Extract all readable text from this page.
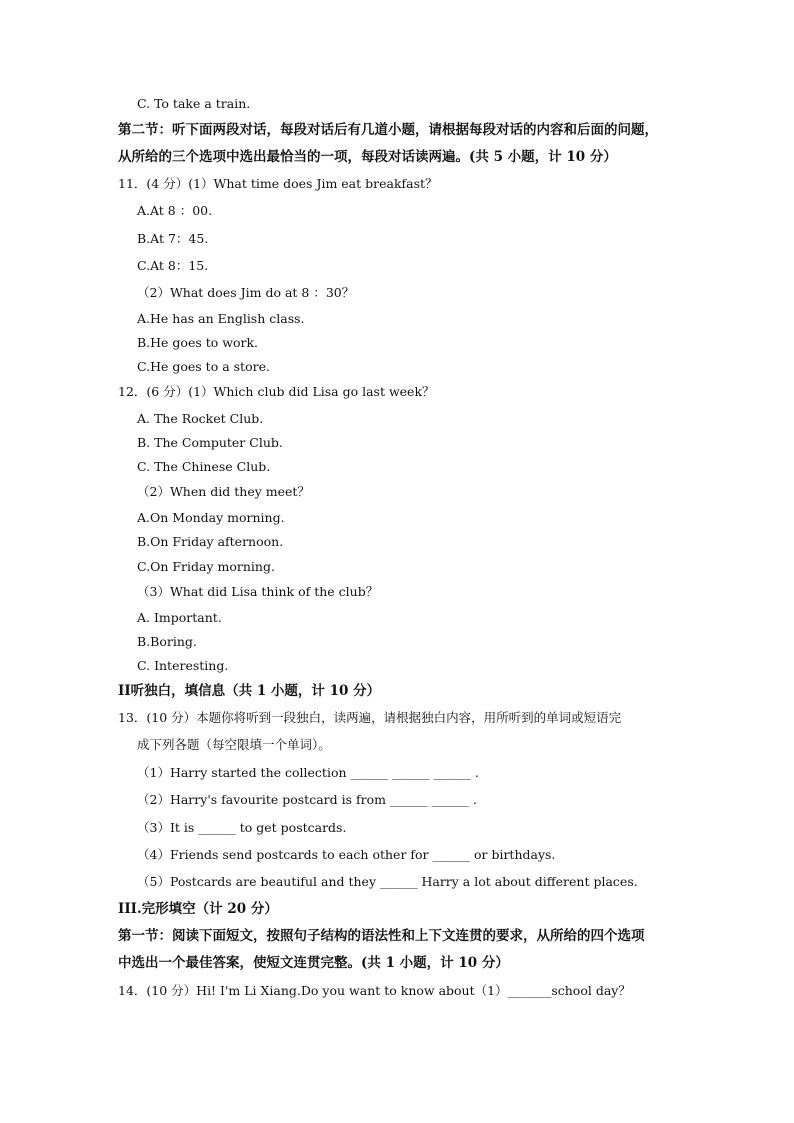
C. To take a train.
第二节：听下面两段对话，每段对话后有几道小题，请根据每段对话的内容和后面的问题，
从所给的三个选项中选出最恰当的一项，每段对话读两遍。(共 5 小题，计 10 分）
11．(4 分）(1）What time does Jim eat breakfast？
A.At 8 ：00.
B.At 7：45.
C.At 8：15.
（2）What does Jim do at 8 ：30？
A.He has an English class.
B.He goes to work.
C.He goes to a store.
12．(6 分）(1）Which club did Lisa go last week？
A. The Rocket Club.
B. The Computer Club.
C. The Chinese Club.
（2）When did they meet？
A.On Monday morning.
B.On Friday afternoon.
C.On Friday morning.
（3）What did Lisa think of the club？
A. Important.
B.Boring.
C. Interesting.
II听独白，填信息（共 1 小题，计 10 分）
13．(10 分）本题你将听到一段独白，读两遍，请根据独白内容，用所听到的单词或短语完
成下列各题（每空限填一个单词）。
（1）Harry started the collection ______ ______ ______ .
（2）Harry's favourite postcard is from ______ ______ .
（3）It is ______ to get postcards.
（4）Friends send postcards to each other for ______ or birthdays.
（5）Postcards are beautiful and they ______ Harry a lot about different places.
III.完形填空（计 20 分）
第一节：阅读下面短文，按照句子结构的语法性和上下文连贯的要求，从所给的四个选项
中选出一个最佳答案，使短文连贯完整。(共 1 小题，计 10 分）
14．(10 分）Hi! I'm Li Xiang.Do you want to know about（1）_______school day？
